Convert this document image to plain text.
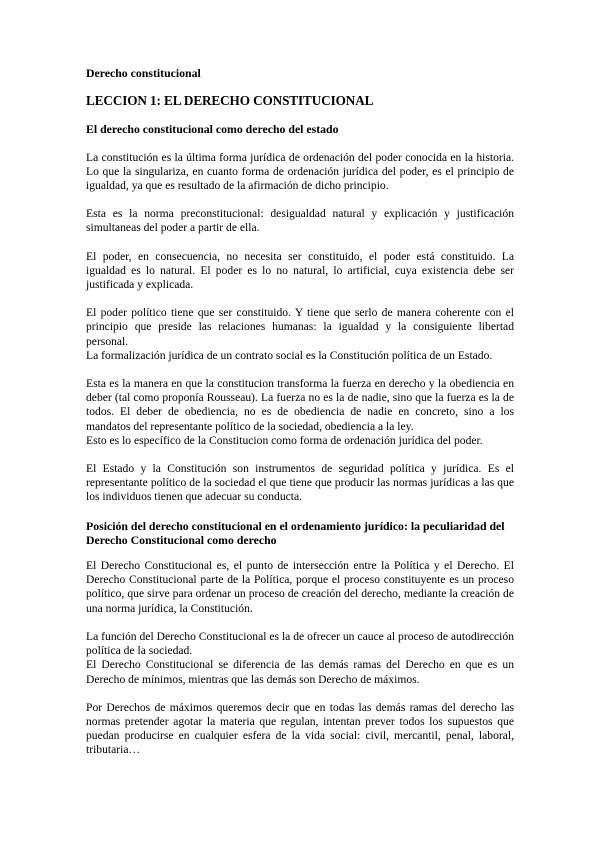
Derecho constitucional
LECCION 1: EL DERECHO CONSTITUCIONAL
El derecho constitucional como derecho del estado

La constitución es la última forma jurídica de ordenación del poder conocida en la historia. Lo que la singulariza, en cuanto forma de ordenación jurídica del poder, es el principio de igualdad, ya que es resultado de la afirmación de dicho principio.

Esta es la norma preconstitucional: desigualdad natural y explicación y justificación simultaneas del poder a partir de ella.

El poder, en consecuencia, no necesita ser constituido, el poder está constituido. La igualdad es lo natural. El poder es lo no natural, lo artificial, cuya existencia debe ser justificada y explicada.

El poder político tiene que ser constituido. Y tiene que serlo de manera coherente con el principio que preside las relaciones humanas: la igualdad y la consiguiente libertad personal.

La formalización jurídica de un contrato social es la Constitución política de un Estado.

Esta es la manera en que la constitucion transforma la fuerza en derecho y la obediencia en deber (tal como proponía Rousseau). La fuerza no es la de nadie, sino que la fuerza es la de todos. El deber de obediencia, no es de obediencia de nadie en concreto, sino a los mandatos del representante político de la sociedad, obediencia a la ley.

Esto es lo específico de la Constitucion como forma de ordenación jurídica del poder.

El Estado y la Constitución son instrumentos de seguridad política y jurídica. Es el representante político de la sociedad el que tiene que producir las normas jurídicas a las que los individuos tienen que adecuar su conducta.

Posición del derecho constitucional en el ordenamiento jurídico: la peculiaridad del Derecho Constitucional como derecho

El Derecho Constitucional es, el punto de intersección entre la Política y el Derecho. El Derecho Constitucional parte de la Política, porque el proceso constituyente es un proceso político, que sirve para ordenar un proceso de creación del derecho, mediante la creación de una norma jurídica, la Constitución.

La función del Derecho Constitucional es la de ofrecer un cauce al proceso de autodirección política de la sociedad.

El Derecho Constitucional se diferencia de las demás ramas del Derecho en que es un Derecho de mínimos, mientras que las demás son Derecho de máximos.

Por Derechos de máximos queremos decir que en todas las demás ramas del derecho las normas pretender agotar la materia que regulan, intentan prever todos los supuestos que puedan producirse en cualquier esfera de la vida social: civil, mercantil, penal, laboral, tributaria…
